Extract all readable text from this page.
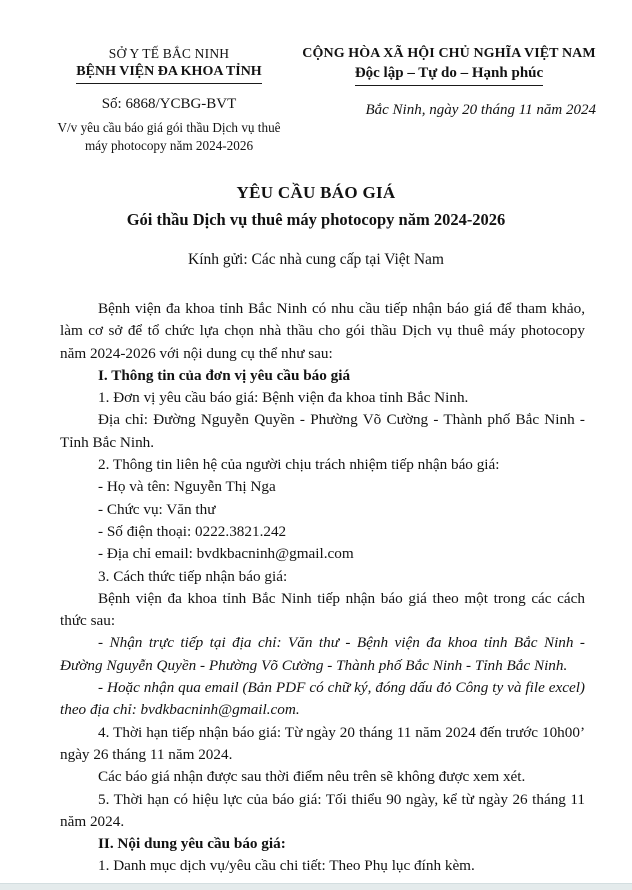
SỞ Y TẾ BẮC NINH
BỆNH VIỆN ĐA KHOA TỈNH
Số: 6868/YCBG-BVT
V/v yêu cầu báo giá gói thầu Dịch vụ thuê máy photocopy năm 2024-2026
CỘNG HÒA XÃ HỘI CHỦ NGHĨA VIỆT NAM
Độc lập – Tự do – Hạnh phúc
Bắc Ninh, ngày 20 tháng 11 năm 2024
YÊU CẦU BÁO GIÁ
Gói thầu Dịch vụ thuê máy photocopy năm 2024-2026
Kính gửi: Các nhà cung cấp tại Việt Nam

Bệnh viện đa khoa tỉnh Bắc Ninh có nhu cầu tiếp nhận báo giá để tham khảo, làm cơ sở để tổ chức lựa chọn nhà thầu cho gói thầu Dịch vụ thuê máy photocopy năm 2024-2026 với nội dung cụ thể như sau:

I. Thông tin của đơn vị yêu cầu báo giá

1. Đơn vị yêu cầu báo giá: Bệnh viện đa khoa tỉnh Bắc Ninh.

Địa chỉ: Đường Nguyễn Quyền - Phường Võ Cường - Thành phố Bắc Ninh - Tỉnh Bắc Ninh.

2. Thông tin liên hệ của người chịu trách nhiệm tiếp nhận báo giá:

- Họ và tên: Nguyễn Thị Nga

- Chức vụ: Văn thư

- Số điện thoại: 0222.3821.242

- Địa chỉ email: bvdkbacninh@gmail.com

3. Cách thức tiếp nhận báo giá:

Bệnh viện đa khoa tỉnh Bắc Ninh tiếp nhận báo giá theo một trong các cách thức sau:

- Nhận trực tiếp tại địa chỉ: Văn thư - Bệnh viện đa khoa tỉnh Bắc Ninh - Đường Nguyễn Quyền - Phường Võ Cường - Thành phố Bắc Ninh - Tỉnh Bắc Ninh.

- Hoặc nhận qua email (Bản PDF có chữ ký, đóng dấu đỏ Công ty và file excel) theo địa chỉ: bvdkbacninh@gmail.com.

4. Thời hạn tiếp nhận báo giá: Từ ngày 20 tháng 11 năm 2024 đến trước 10h00’ ngày 26 tháng 11 năm 2024.

Các báo giá nhận được sau thời điểm nêu trên sẽ không được xem xét.

5. Thời hạn có hiệu lực của báo giá: Tối thiểu 90 ngày, kể từ ngày 26 tháng 11 năm 2024.

II. Nội dung yêu cầu báo giá:

1. Danh mục dịch vụ/yêu cầu chi tiết: Theo Phụ lục đính kèm.
